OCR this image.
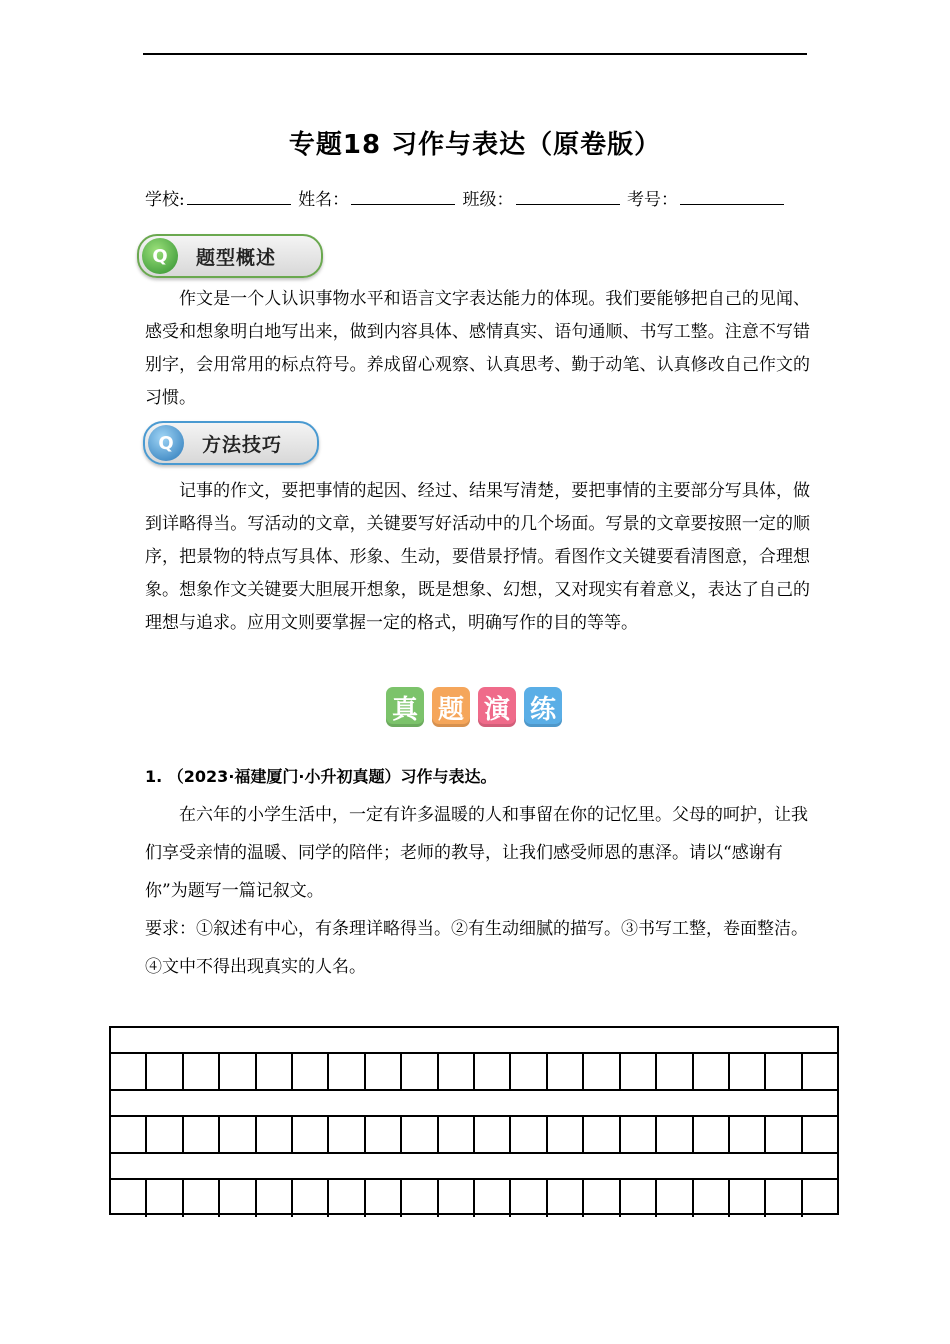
专题18 习作与表达（原卷版）
学校:	姓名：	班级：	考号：
Q	题型概述
作文是一个人认识事物水平和语言文字表达能力的体现。我们要能够把自己的见闻、感受和想象明白地写出来，做到内容具体、感情真实、语句通顺、书写工整。注意不写错别字，会用常用的标点符号。养成留心观察、认真思考、勤于动笔、认真修改自己作文的习惯。
Q	方法技巧
记事的作文，要把事情的起因、经过、结果写清楚，要把事情的主要部分写具体，做到详略得当。写活动的文章，关键要写好活动中的几个场面。写景的文章要按照一定的顺序，把景物的特点写具体、形象、生动，要借景抒情。看图作文关键要看清图意，合理想象。想象作文关键要大胆展开想象，既是想象、幻想，又对现实有着意义，表达了自己的理想与追求。应用文则要掌握一定的格式，明确写作的目的等等。
真 题 演 练
1. （2023·福建厦门·小升初真题）习作与表达。
在六年的小学生活中，一定有许多温暖的人和事留在你的记忆里。父母的呵护，让我们享受亲情的温暖、同学的陪伴；老师的教导，让我们感受师恩的惠泽。请以“感谢有你”为题写一篇记叙文。
要求：①叙述有中心，有条理详略得当。②有生动细腻的描写。③书写工整，卷面整洁。④文中不得出现真实的人名。
